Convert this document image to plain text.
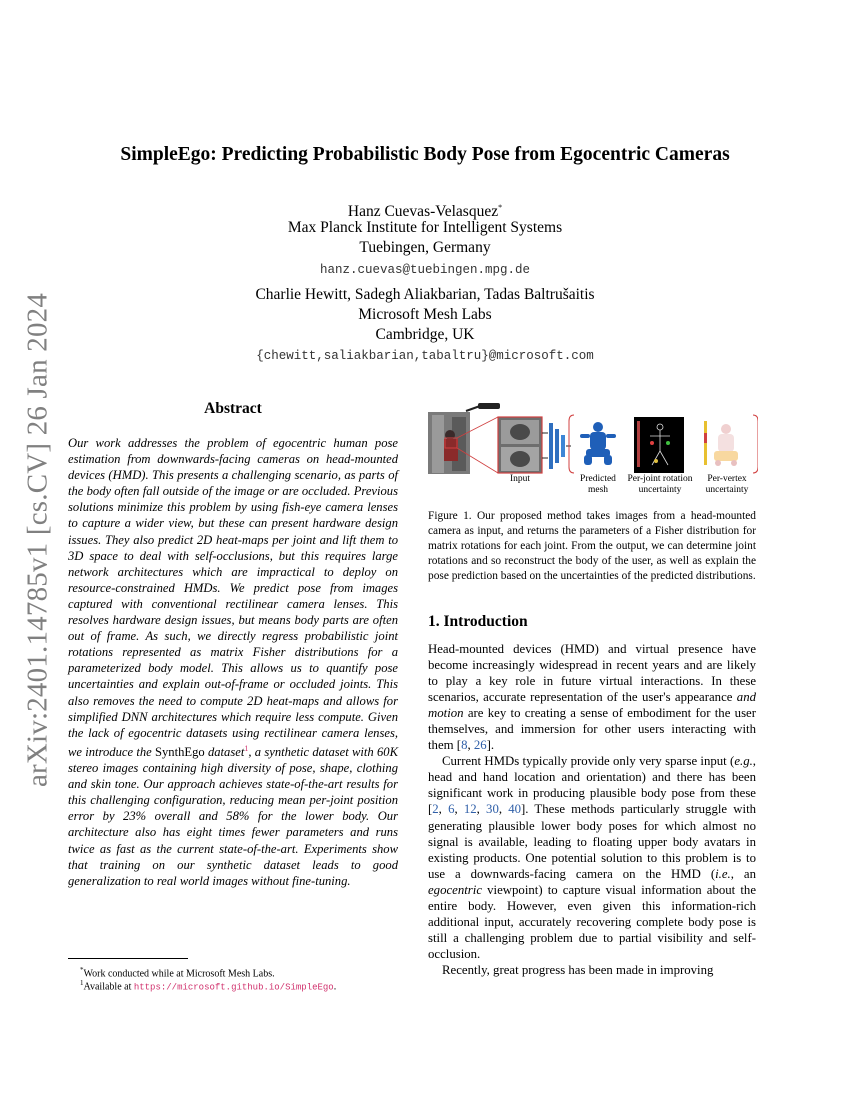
arXiv:2401.14785v1 [cs.CV] 26 Jan 2024
SimpleEgo: Predicting Probabilistic Body Pose from Egocentric Cameras
Hanz Cuevas-Velasquez*
Max Planck Institute for Intelligent Systems
Tuebingen, Germany
hanz.cuevas@tuebingen.mpg.de
Charlie Hewitt, Sadegh Aliakbarian, Tadas Baltrušaitis
Microsoft Mesh Labs
Cambridge, UK
{chewitt,saliakbarian,tabaltru}@microsoft.com
Abstract
Our work addresses the problem of egocentric human pose estimation from downwards-facing cameras on head-mounted devices (HMD). This presents a challenging scenario, as parts of the body often fall outside of the image or are occluded. Previous solutions minimize this problem by using fish-eye camera lenses to capture a wider view, but these can present hardware design issues. They also predict 2D heat-maps per joint and lift them to 3D space to deal with self-occlusions, but this requires large network architectures which are impractical to deploy on resource-constrained HMDs. We predict pose from images captured with conventional rectilinear camera lenses. This resolves hardware design issues, but means body parts are often out of frame. As such, we directly regress probabilistic joint rotations represented as matrix Fisher distributions for a parameterized body model. This allows us to quantify pose uncertainties and explain out-of-frame or occluded joints. This also removes the need to compute 2D heat-maps and allows for simplified DNN architectures which require less compute. Given the lack of egocentric datasets using rectilinear camera lenses, we introduce the SynthEgo dataset$^1$, a synthetic dataset with 60K stereo images containing high diversity of pose, shape, clothing and skin tone. Our approach achieves state-of-the-art results for this challenging configuration, reducing mean per-joint position error by 23% overall and 58% for the lower body. Our architecture also has eight times fewer parameters and runs twice as fast as the current state-of-the-art. Experiments show that training on our synthetic dataset leads to good generalization to real world images without fine-tuning.
*Work conducted while at Microsoft Mesh Labs.
$^1$Available at https://microsoft.github.io/SimpleEgo.
Input	Predicted
mesh
Per-joint rotation
uncertainty
Per-vertex
uncertainty
Figure 1. Our proposed method takes images from a head-mounted camera as input, and returns the parameters of a Fisher distribution for matrix rotations for each joint. From the output, we can determine joint rotations and so reconstruct the body of the user, as well as explain the pose prediction based on the uncertainties of the predicted distributions.
1. Introduction

Head-mounted devices (HMD) and virtual presence have become increasingly widespread in recent years and are likely to play a key role in future virtual interactions. In these scenarios, accurate representation of the user's appearance and motion are key to creating a sense of embodiment for the user themselves, and immersion for other users interacting with them [8, 26].

Current HMDs typically provide only very sparse input (e.g., head and hand location and orientation) and there has been significant work in producing plausible body pose from these [2, 6, 12, 30, 40]. These methods particularly struggle with generating plausible lower body poses for which almost no signal is available, leading to floating upper body avatars in existing products. One potential solution to this problem is to use a downwards-facing camera on the HMD (i.e., an egocentric viewpoint) to capture visual information about the entire body. However, even given this information-rich additional input, accurately recovering complete body pose is still a challenging problem due to partial visibility and self-occlusion.

Recently, great progress has been made in improving
